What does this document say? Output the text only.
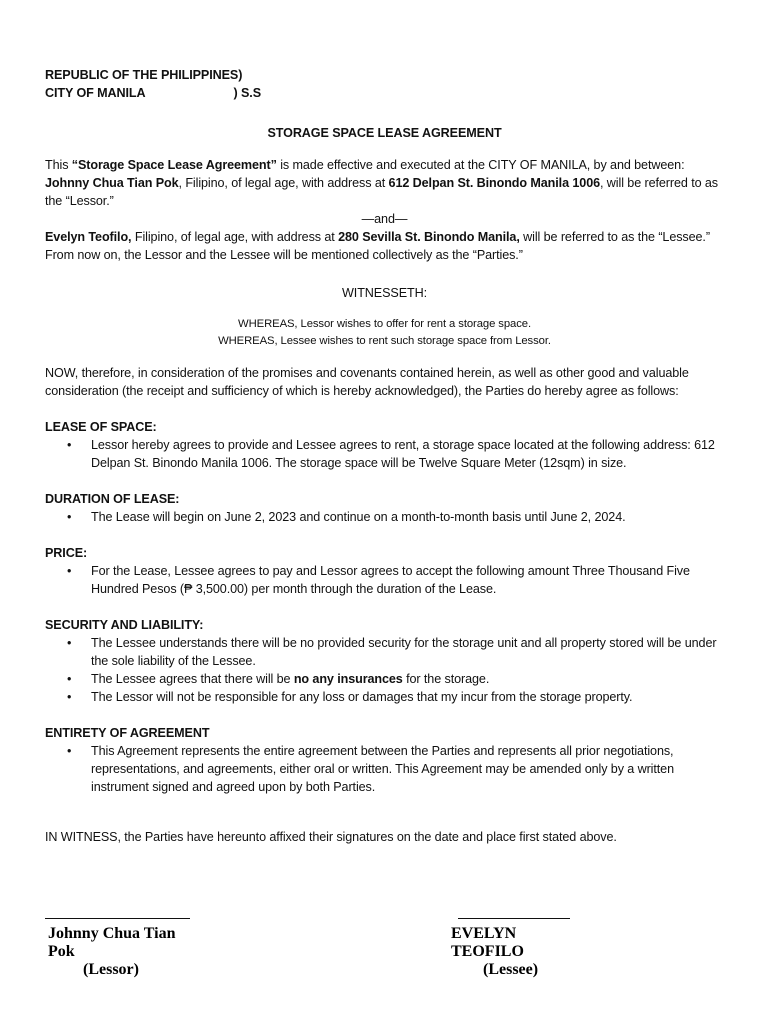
REPUBLIC OF THE PHILIPPINES)
CITY OF MANILA	) S.S
STORAGE SPACE LEASE AGREEMENT
This “Storage Space Lease Agreement” is made effective and executed at the CITY OF MANILA, by and between:
Johnny Chua Tian Pok, Filipino, of legal age, with address at 612 Delpan St. Binondo Manila 1006, will be referred to as the “Lessor.”
—and—
Evelyn Teofilo, Filipino, of legal age, with address at 280 Sevilla St. Binondo Manila, will be referred to as the “Lessee.”
From now on, the Lessor and the Lessee will be mentioned collectively as the “Parties.”
WITNESSETH:
WHEREAS, Lessor wishes to offer for rent a storage space.
WHEREAS, Lessee wishes to rent such storage space from Lessor.
NOW, therefore, in consideration of the promises and covenants contained herein, as well as other good and valuable consideration (the receipt and sufficiency of which is hereby acknowledged), the Parties do hereby agree as follows:
LEASE OF SPACE:
• Lessor hereby agrees to provide and Lessee agrees to rent, a storage space located at the following address: 612 Delpan St. Binondo Manila 1006. The storage space will be Twelve Square Meter (12sqm) in size.
DURATION OF LEASE:
• The Lease will begin on June 2, 2023 and continue on a month-to-month basis until June 2, 2024.
PRICE:
• For the Lease, Lessee agrees to pay and Lessor agrees to accept the following amount Three Thousand Five Hundred Pesos (₱ 3,500.00) per month through the duration of the Lease.
SECURITY AND LIABILITY:
• The Lessee understands there will be no provided security for the storage unit and all property stored will be under the sole liability of the Lessee.
• The Lessee agrees that there will be no any insurances for the storage.
• The Lessor will not be responsible for any loss or damages that my incur from the storage property.
ENTIRETY OF AGREEMENT
• This Agreement represents the entire agreement between the Parties and represents all prior negotiations, representations, and agreements, either oral or written. This Agreement may be amended only by a written instrument signed and agreed upon by both Parties.
IN WITNESS, the Parties have hereunto affixed their signatures on the date and place first stated above.
Johnny Chua Tian Pok
(Lessor)
EVELYN TEOFILO
(Lessee)
